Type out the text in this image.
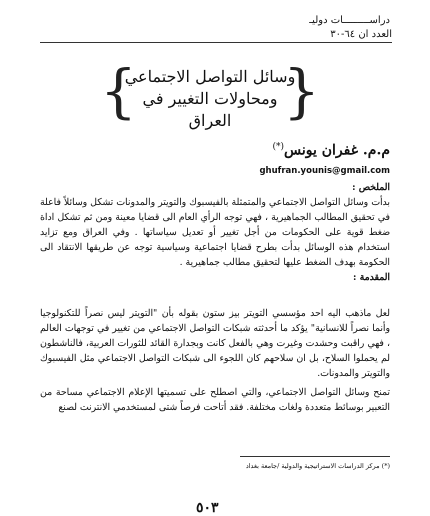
دراســـــــــات دوليـ
العدد ان ٦٤-٣٠
{	}
وسائل التواصل الاجتماعي
ومحاولات التغيير في العراق
م.م. غفران يونس(*)
ghufran.younis@gmail.com
الملخص :
بدأت وسائل التواصل الاجتماعي والمتمثلة بالفيسبوك والتويتر والمدونات تشكل وسائلاً فاعلة في تحقيق المطالب الجماهيرية ، فهي توجه الرأي العام الى قضايا معينة ومن ثم تشكل اداة ضغط قوية على الحكومات من أجل تغيير أو تعديل سياساتها . وفي العراق ومع تزايد استخدام هذه الوسائل بدأت بطرح قضايا اجتماعية وسياسية توجه عن طريقها الانتقاد الى الحكومة بهدف الضغط عليها لتحقيق مطالب جماهيرية .
المقدمة :
لعل ماذهب اليه احد مؤسسي التويتر بيز ستون بقوله بأن "التويتر ليس نصراً للتكنولوجيا وأنما نصراً للانسانية" يؤكد ما أحدثته شبكات التواصل الاجتماعي من تغيير في توجهات العالم ، فهي راقبت وحشدت وغيرت وهي بالفعل كانت وبجدارة القائد للثورات العربية، فالناشطون لم يحملوا السلاح، بل ان سلاحهم كان اللجوء الى شبكات التواصل الاجتماعي مثل الفيسبوك والتويتر والمدونات.
تمنح وسائل التواصل الاجتماعي، والتي اصطلح على تسميتها الإعلام الاجتماعي مساحة من التعبير بوسائط متعددة ولغات مختلفة. فقد أتاحت فرصاً شتى لمستخدمي الانترنت لصنع
(*) مركز الدراسات الاستراتيجية والدولية /جامعة بغداد
٥٠٣
